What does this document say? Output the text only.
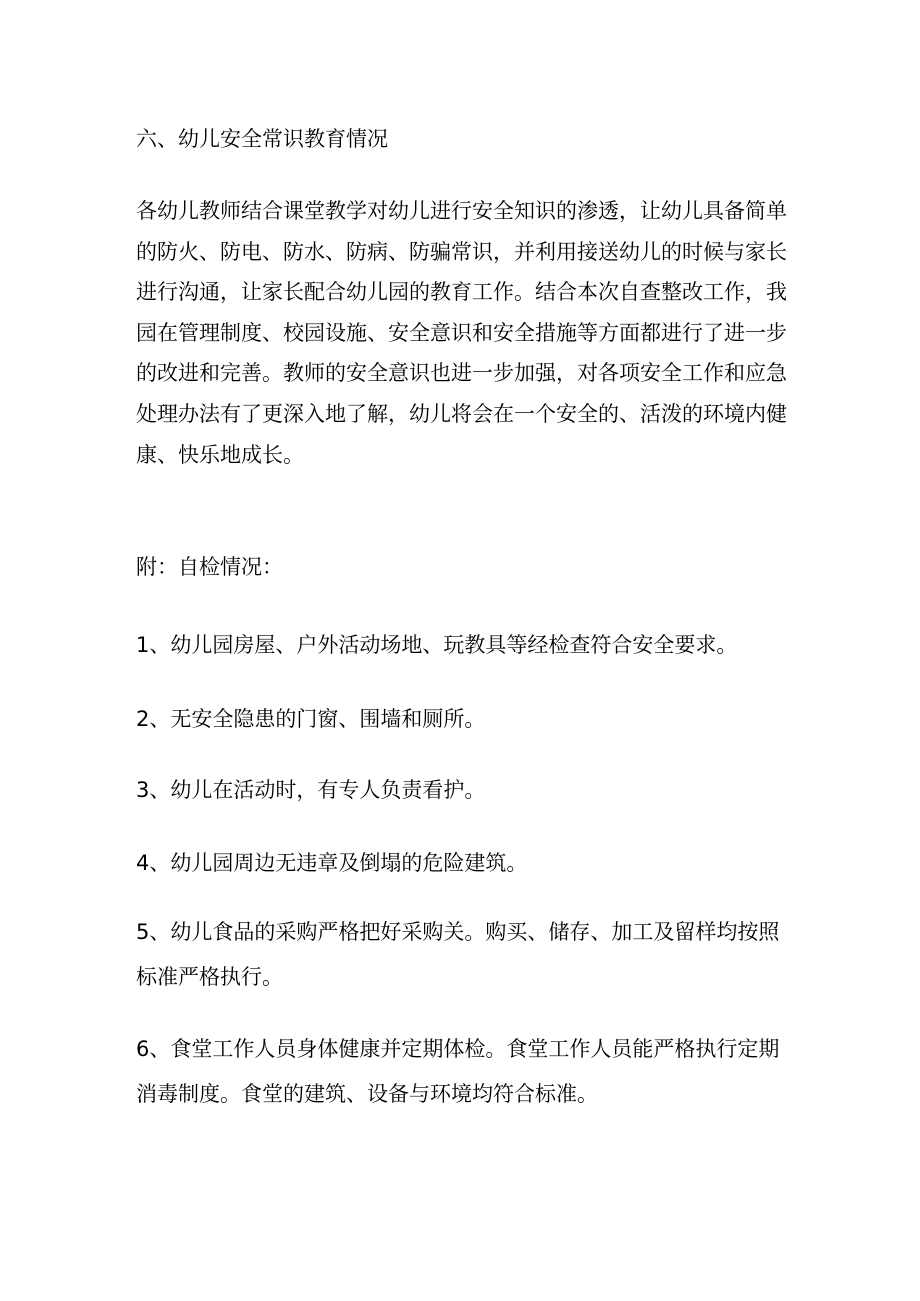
六、幼儿安全常识教育情况
各幼儿教师结合课堂教学对幼儿进行安全知识的渗透，让幼儿具备简单的防火、防电、防水、防病、防骗常识，并利用接送幼儿的时候与家长进行沟通，让家长配合幼儿园的教育工作。结合本次自查整改工作，我园在管理制度、校园设施、安全意识和安全措施等方面都进行了进一步的改进和完善。教师的安全意识也进一步加强，对各项安全工作和应急处理办法有了更深入地了解，幼儿将会在一个安全的、活泼的环境内健康、快乐地成长。
附：自检情况：
1、幼儿园房屋、户外活动场地、玩教具等经检查符合安全要求。
2、无安全隐患的门窗、围墙和厕所。
3、幼儿在活动时，有专人负责看护。
4、幼儿园周边无违章及倒塌的危险建筑。
5、幼儿食品的采购严格把好采购关。购买、储存、加工及留样均按照标准严格执行。
6、食堂工作人员身体健康并定期体检。食堂工作人员能严格执行定期消毒制度。食堂的建筑、设备与环境均符合标准。
